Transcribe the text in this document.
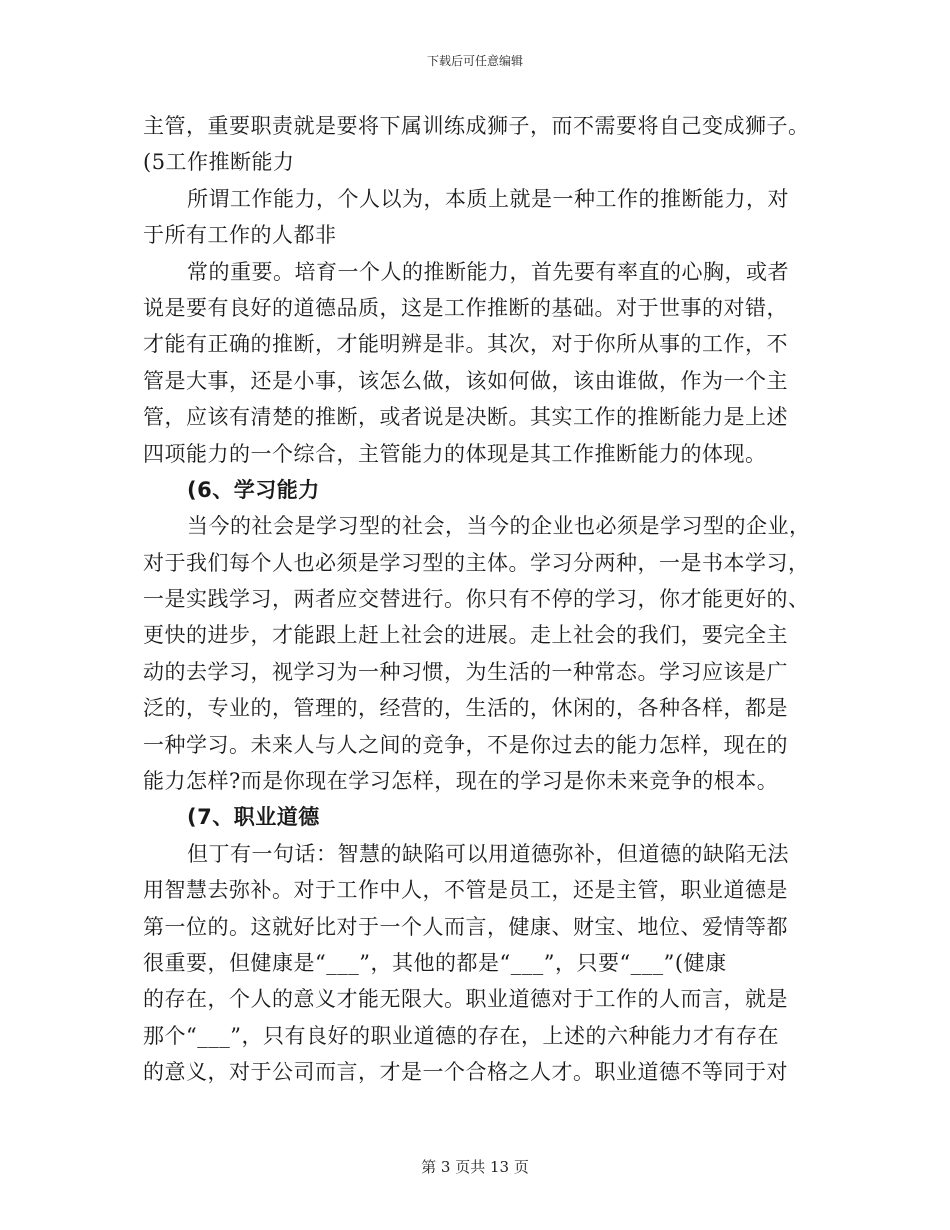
下载后可任意编辑
主管，重要职责就是要将下属训练成狮子，而不需要将自己变成狮子。
(5工作推断能力
所谓工作能力，个人以为，本质上就是一种工作的推断能力，对
于所有工作的人都非
常的重要。培育一个人的推断能力，首先要有率直的心胸，或者
说是要有良好的道德品质，这是工作推断的基础。对于世事的对错，
才能有正确的推断，才能明辨是非。其次，对于你所从事的工作，不
管是大事，还是小事，该怎么做，该如何做，该由谁做，作为一个主
管，应该有清楚的推断，或者说是决断。其实工作的推断能力是上述
四项能力的一个综合，主管能力的体现是其工作推断能力的体现。
(6、学习能力
当今的社会是学习型的社会，当今的企业也必须是学习型的企业，
对于我们每个人也必须是学习型的主体。学习分两种，一是书本学习，
一是实践学习，两者应交替进行。你只有不停的学习，你才能更好的、
更快的进步，才能跟上赶上社会的进展。走上社会的我们，要完全主
动的去学习，视学习为一种习惯，为生活的一种常态。学习应该是广
泛的，专业的，管理的，经营的，生活的，休闲的，各种各样，都是
一种学习。未来人与人之间的竞争，不是你过去的能力怎样，现在的
能力怎样?而是你现在学习怎样，现在的学习是你未来竞争的根本。
(7、职业道德
但丁有一句话：智慧的缺陷可以用道德弥补，但道德的缺陷无法
用智慧去弥补。对于工作中人，不管是员工，还是主管，职业道德是
第一位的。这就好比对于一个人而言，健康、财宝、地位、爱情等都
很重要，但健康是“___”，其他的都是“___”，只要“___”(健康
的存在，个人的意义才能无限大。职业道德对于工作的人而言，就是
那个“___”，只有良好的职业道德的存在，上述的六种能力才有存在
的意义，对于公司而言，才是一个合格之人才。职业道德不等同于对
第 3 页共 13 页
